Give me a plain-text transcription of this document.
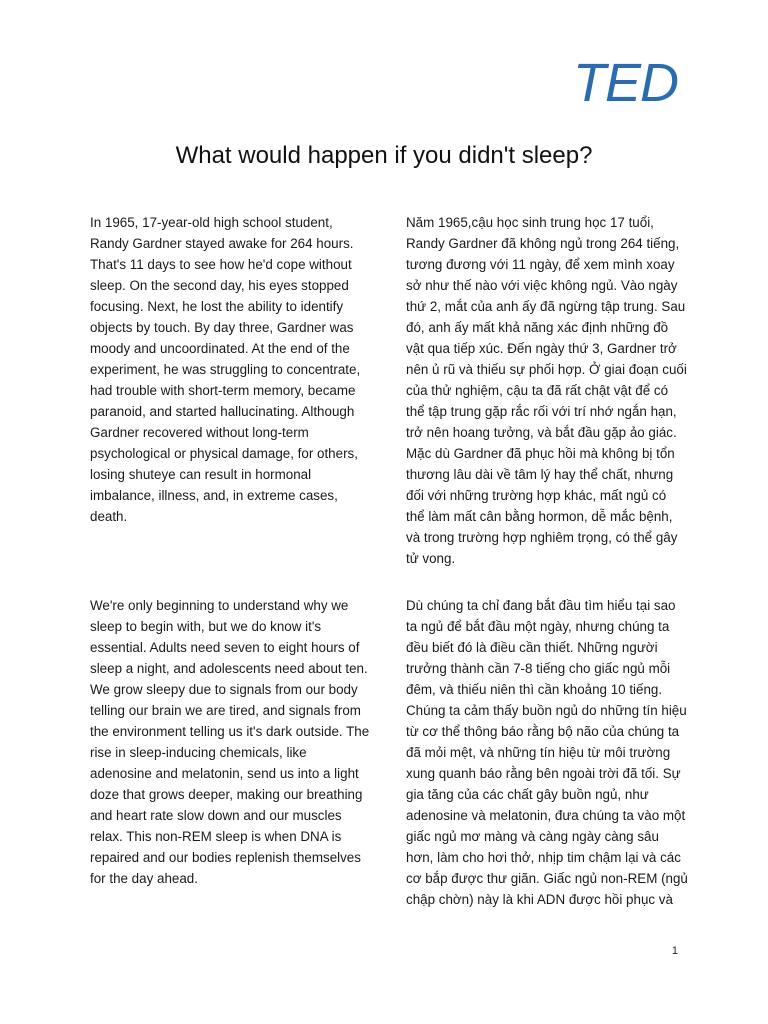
TED
What would happen if you didn't sleep?

In 1965, 17-year-old high school student, Randy Gardner stayed awake for 264 hours. That's 11 days to see how he'd cope without sleep. On the second day, his eyes stopped focusing. Next, he lost the ability to identify objects by touch. By day three, Gardner was moody and uncoordinated. At the end of the experiment, he was struggling to concentrate, had trouble with short-term memory, became paranoid, and started hallucinating. Although Gardner recovered without long-term psychological or physical damage, for others, losing shuteye can result in hormonal imbalance, illness, and, in extreme cases, death.

Năm 1965,cậu học sinh trung học 17 tuổi, Randy Gardner đã không ngủ trong 264 tiếng, tương đương với 11 ngày, để xem mình xoay sở như thế nào với việc không ngủ. Vào ngày thứ 2, mắt của anh ấy đã ngừng tập trung. Sau đó, anh ấy mất khả năng xác định những đồ vật qua tiếp xúc. Đến ngày thứ 3, Gardner trở nên ủ rũ và thiếu sự phối hợp. Ở giai đoạn cuối của thử nghiệm, cậu ta đã rất chật vật để có thể tập trung gặp rắc rối với trí nhớ ngắn hạn, trở nên hoang tưởng, và bắt đầu gặp ảo giác. Mặc dù Gardner đã phục hồi mà không bị tổn thương lâu dài về tâm lý hay thể chất, nhưng đối với những trường hợp khác, mất ngủ có thể làm mất cân bằng hormon, dễ mắc bệnh, và trong trường hợp nghiêm trọng, có thể gây tử vong.

We're only beginning to understand why we sleep to begin with, but we do know it's essential. Adults need seven to eight hours of sleep a night, and adolescents need about ten. We grow sleepy due to signals from our body telling our brain we are tired, and signals from the environment telling us it's dark outside. The rise in sleep-inducing chemicals, like adenosine and melatonin, send us into a light doze that grows deeper, making our breathing and heart rate slow down and our muscles relax. This non-REM sleep is when DNA is repaired and our bodies replenish themselves for the day ahead.

Dù chúng ta chỉ đang bắt đầu tìm hiểu tại sao ta ngủ để bắt đầu một ngày, nhưng chúng ta đều biết đó là điều cần thiết. Những người trưởng thành cần 7-8 tiếng cho giấc ngủ mỗi đêm, và thiếu niên thì cần khoảng 10 tiếng. Chúng ta cảm thấy buồn ngủ do những tín hiệu từ cơ thể thông báo rằng bộ não của chúng ta đã mỏi mệt, và những tín hiệu từ môi trường xung quanh báo rằng bên ngoài trời đã tối. Sự gia tăng của các chất gây buồn ngủ, như adenosine và melatonin, đưa chúng ta vào một giấc ngủ mơ màng và càng ngày càng sâu hơn, làm cho hơi thở, nhịp tim chậm lại và các cơ bắp được thư giãn. Giấc ngủ non-REM (ngủ chập chờn) này là khi ADN được hồi phục và

1
